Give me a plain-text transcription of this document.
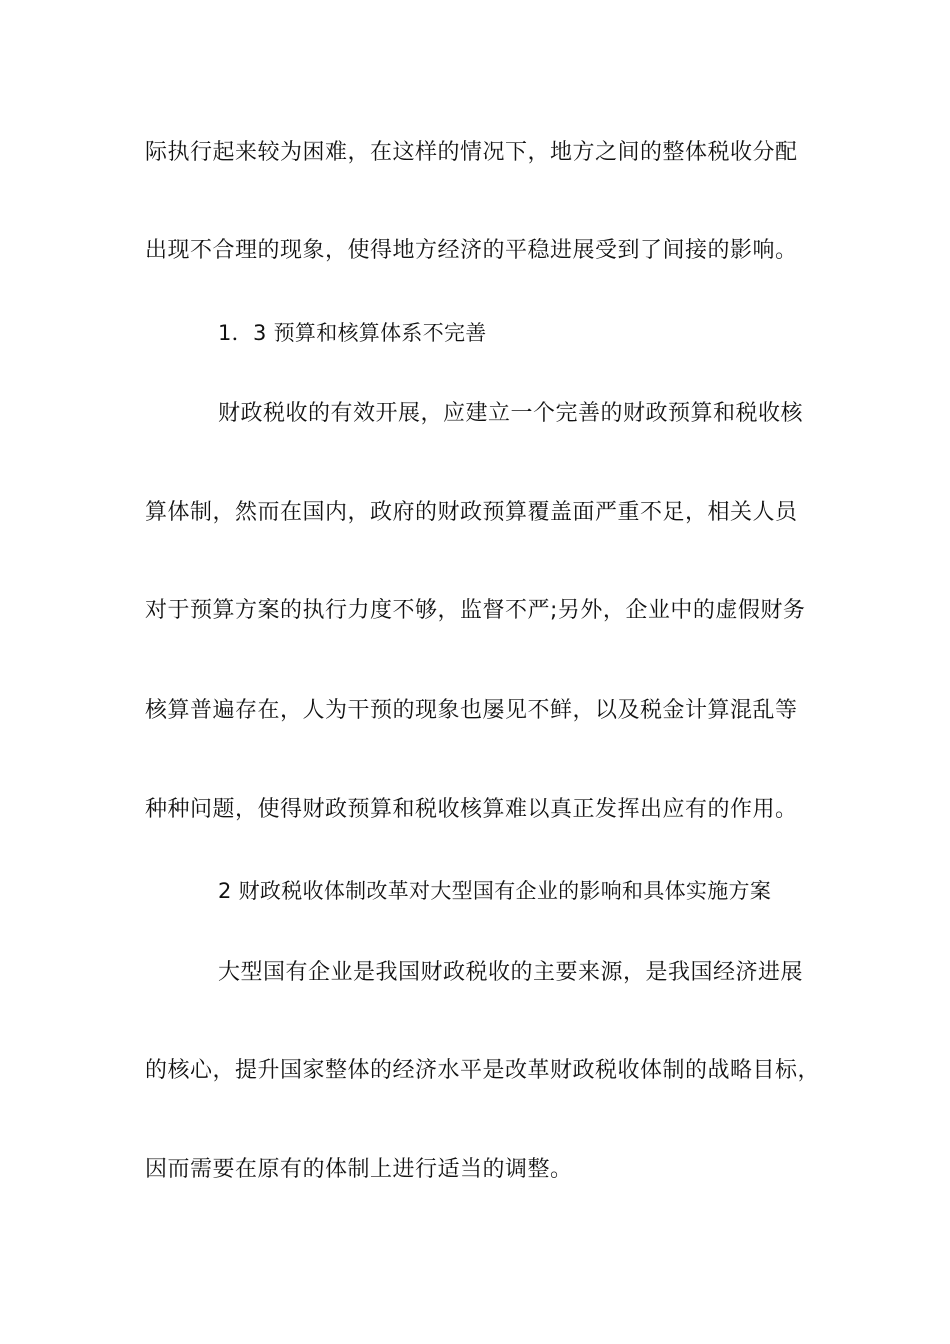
际执行起来较为困难，在这样的情况下，地方之间的整体税收分配
出现不合理的现象，使得地方经济的平稳进展受到了间接的影响。
1．3 预算和核算体系不完善
财政税收的有效开展，应建立一个完善的财政预算和税收核
算体制，然而在国内，政府的财政预算覆盖面严重不足，相关人员
对于预算方案的执行力度不够，监督不严;另外，企业中的虚假财务
核算普遍存在，人为干预的现象也屡见不鲜，以及税金计算混乱等
种种问题，使得财政预算和税收核算难以真正发挥出应有的作用。
2 财政税收体制改革对大型国有企业的影响和具体实施方案
大型国有企业是我国财政税收的主要来源，是我国经济进展
的核心，提升国家整体的经济水平是改革财政税收体制的战略目标，
因而需要在原有的体制上进行适当的调整。
